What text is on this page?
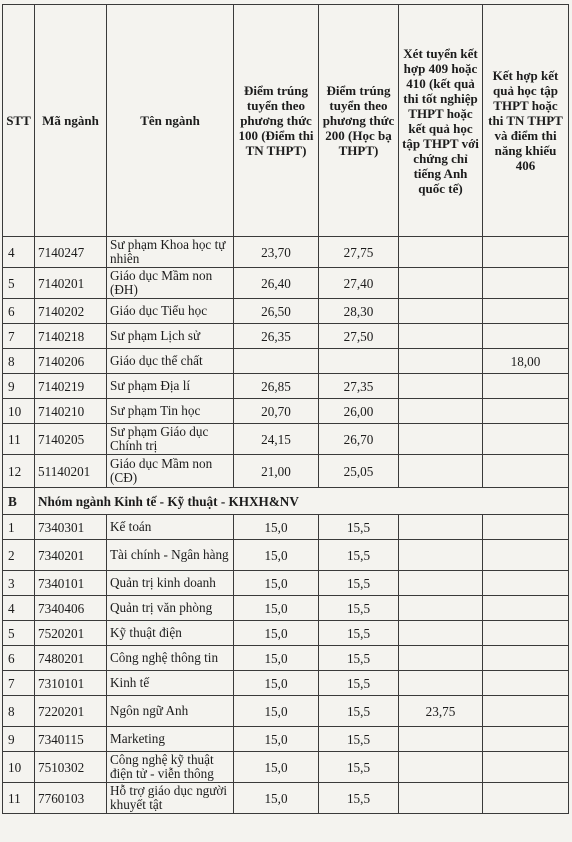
STT	Mã ngành	Tên ngành	Điểm trúng tuyển theo phương thức 100 (Điểm thi TN THPT)	Điểm trúng tuyển theo phương thức 200 (Học bạ THPT)	Xét tuyển kết hợp 409 hoặc 410 (kết quả thi tốt nghiệp THPT hoặc kết quả học tập THPT với chứng chỉ tiếng Anh quốc tế)	Kết hợp kết quả học tập THPT hoặc thi TN THPT và điểm thi năng khiếu 406
4	7140247	Sư phạm Khoa học tự nhiên	23,70	27,75		
5	7140201	Giáo dục Mầm non (ĐH)	26,40	27,40		
6	7140202	Giáo dục Tiểu học	26,50	28,30		
7	7140218	Sư phạm Lịch sử	26,35	27,50		
8	7140206	Giáo dục thể chất				18,00
9	7140219	Sư phạm Địa lí	26,85	27,35		
10	7140210	Sư phạm Tin học	20,70	26,00		
11	7140205	Sư phạm Giáo dục Chính trị	24,15	26,70		
12	51140201	Giáo dục Mầm non (CĐ)	21,00	25,05		
B	Nhóm ngành Kinh tế - Kỹ thuật - KHXH&NV					
1	7340301	Kế toán	15,0	15,5		
2	7340201	Tài chính - Ngân hàng	15,0	15,5		
3	7340101	Quản trị kinh doanh	15,0	15,5		
4	7340406	Quản trị văn phòng	15,0	15,5		
5	7520201	Kỹ thuật điện	15,0	15,5		
6	7480201	Công nghệ thông tin	15,0	15,5		
7	7310101	Kinh tế	15,0	15,5		
8	7220201	Ngôn ngữ Anh	15,0	15,5	23,75	
9	7340115	Marketing	15,0	15,5		
10	7510302	Công nghệ kỹ thuật điện tử - viễn thông	15,0	15,5		
11	7760103	Hỗ trợ giáo dục người khuyết tật	15,0	15,5		
